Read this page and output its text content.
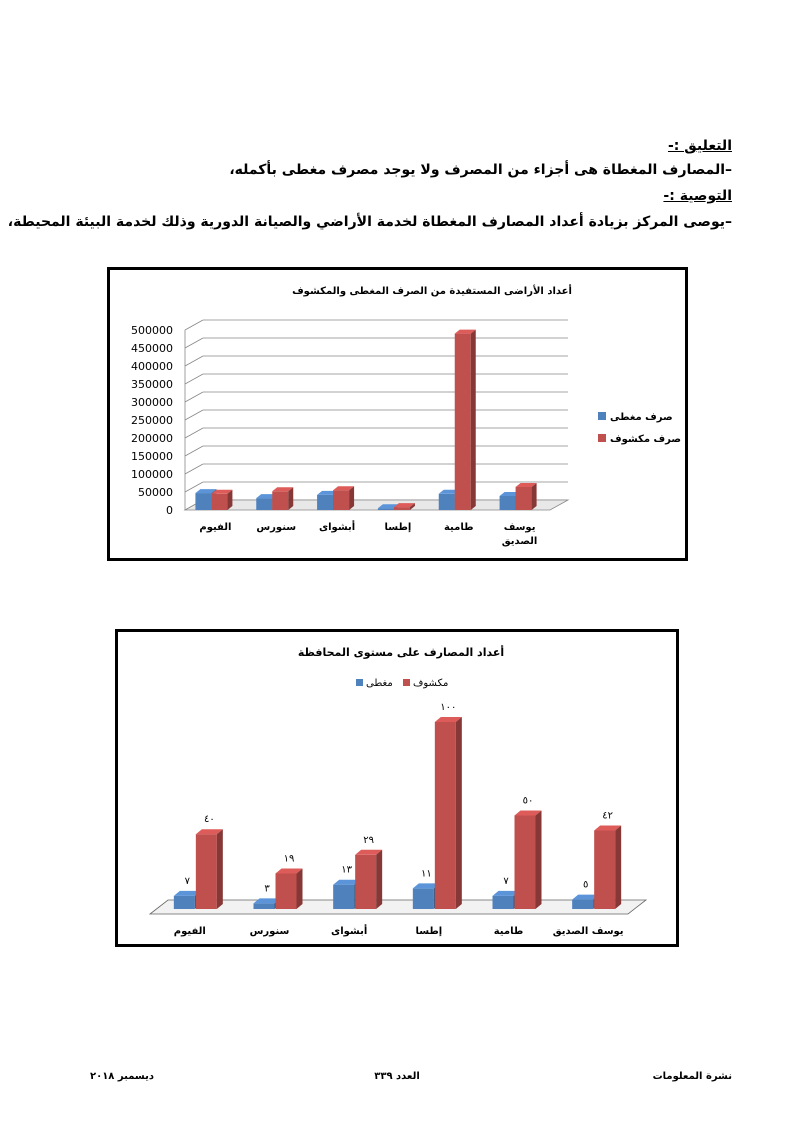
التعليق :-
–المصارف المغطاة هى أجزاء من المصرف ولا يوجد مصرف مغطى بأكمله،
التوصية :-
–يوصى المركز بزيادة أعداد المصارف المغطاة لخدمة الأراضي والصيانة الدورية وذلك لخدمة البيئة المحيطة،
أعداد الأراضى المستفيدة من الصرف المغطى والمكشوف
500000
450000
400000
350000
300000
250000
200000
150000
100000
50000
0
الفيوم سنورس أبشواى	إطسا	طامية	يوسف الصديق
صرف مغطى
صرف مكشوف
أعداد المصارف على مستوى المحافظة
مغطى مكشوف
٧
٤٠
٣
١٩
١٣
٢٩
١١
١٠٠
٧
٥٠
٥
٤٢
الفيوم	سنورس	أبشواى	إطسا	طامية	يوسف الصديق
نشرة المعلومات
العدد ٣٣٩
ديسمبر ٢٠١٨
